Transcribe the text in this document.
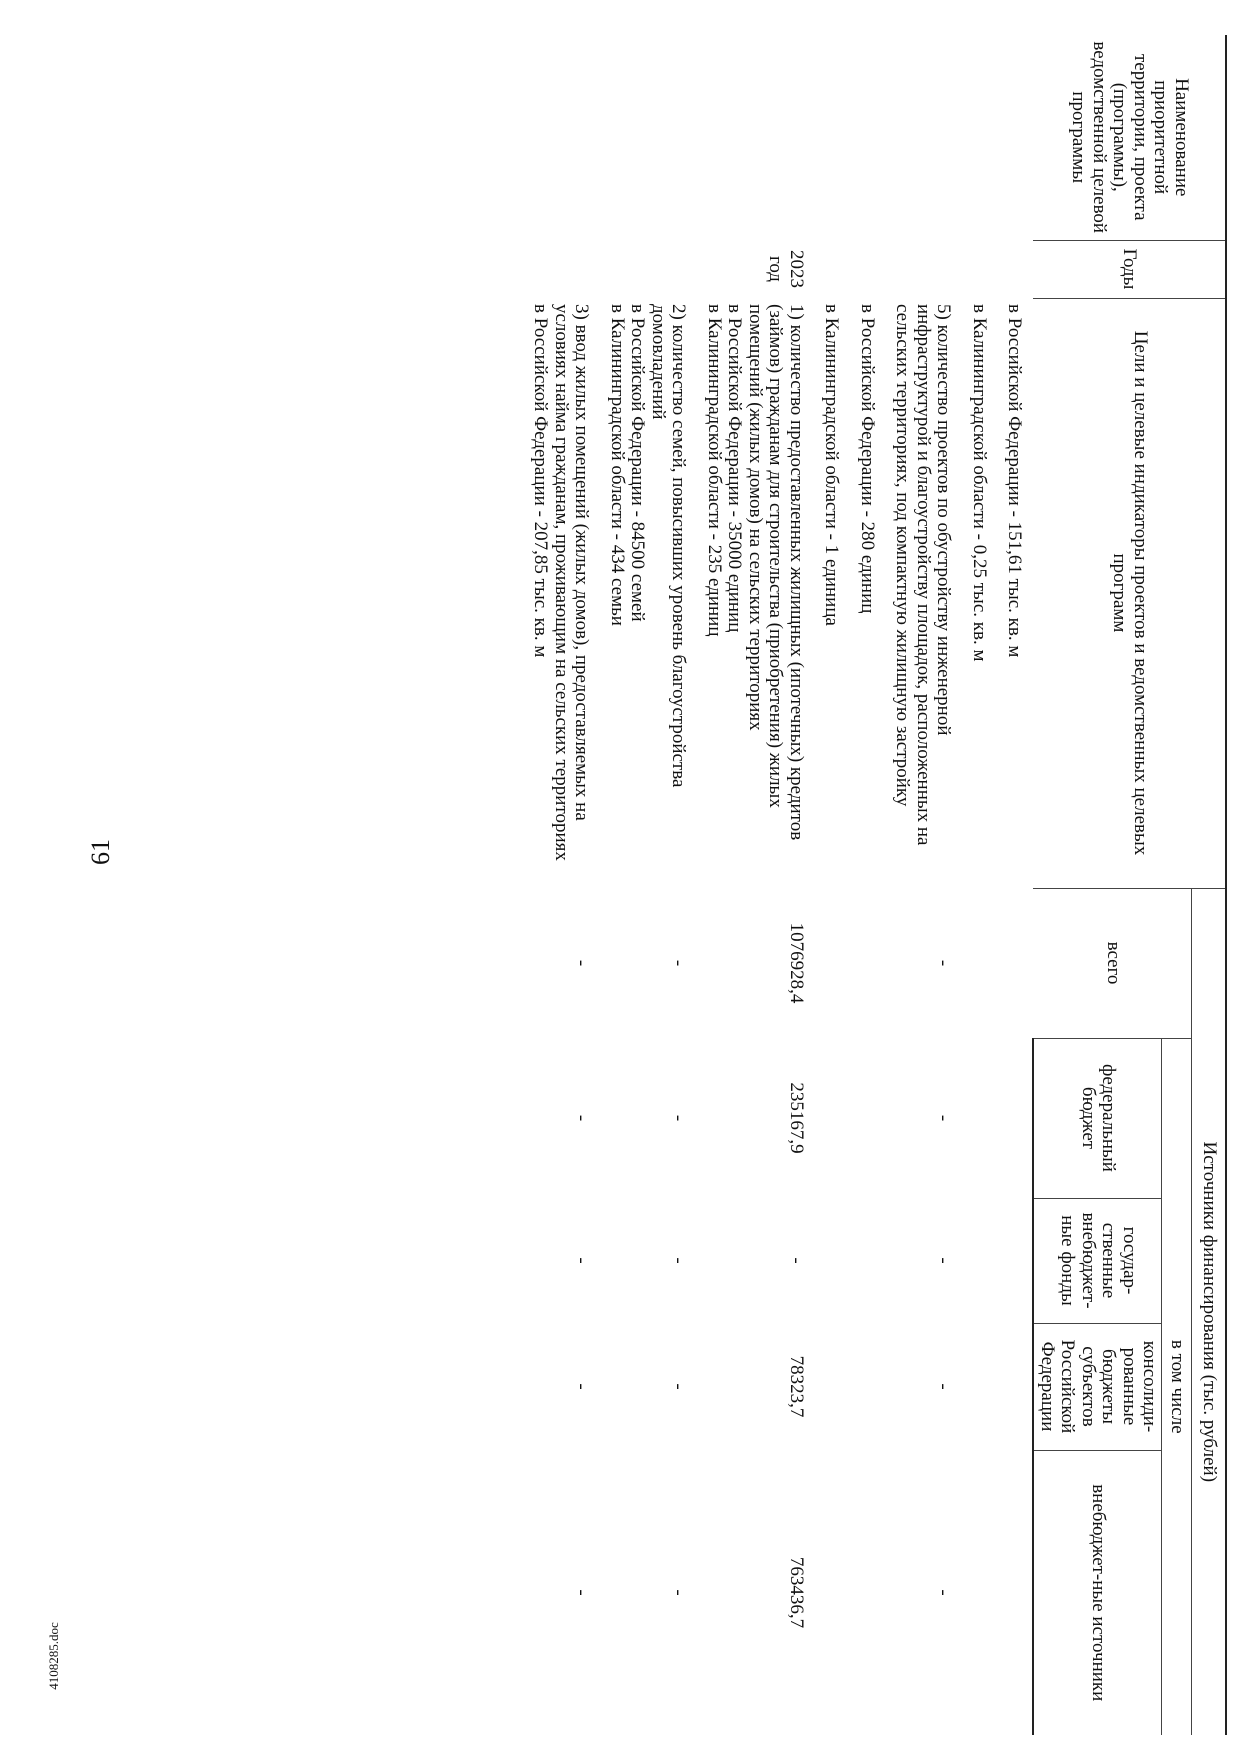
61
Наименование приоритетной территории, проекта (программы), ведомственной целевой программы	Годы	Цели и целевые индикаторы проектов и ведомственных целевых программ	Источники финансирования (тыс. рублей)				
			всего	в том числе			
				федеральный бюджет	государ-ственные внебюджет-ные фонды	консолиди-рованные бюджеты субъектов Российской Федерации	внебюджет-ные источники

		в Российской Федерации - 151,61 тыс. кв. м					

		в Калининградской области - 0,25 тыс. кв. м					

		5) количество проектов по обустройству инженерной инфраструктурой и благоустройству площадок, расположенных на сельских территориях, под компактную жилищную застройку	-	-	-	-	-

		в Российской Федерации - 280 единиц					

		в Калининградской области - 1 единица					

	2023 год	1) количество предоставленных жилищных (ипотечных) кредитов (займов) гражданам для строительства (приобретения) жилых помещений (жилых домов) на сельских территориях

в Российской Федерации - 35000 единиц

в Калининградской области - 235 единиц	1076928,4	235167,9	-	78323,7	763436,7

		2) количество семей, повысивших уровень благоустройства домовладений

в Российской Федерации - 84500 семей

в Калининградской области - 434 семьи	-	-	-	-	-

		3) ввод жилых помещений (жилых домов), предоставляемых на условиях найма гражданам, проживающим на сельских территориях

в Российской Федерации - 207,85 тыс. кв. м	-	-	-	-	-
4108285.doc
